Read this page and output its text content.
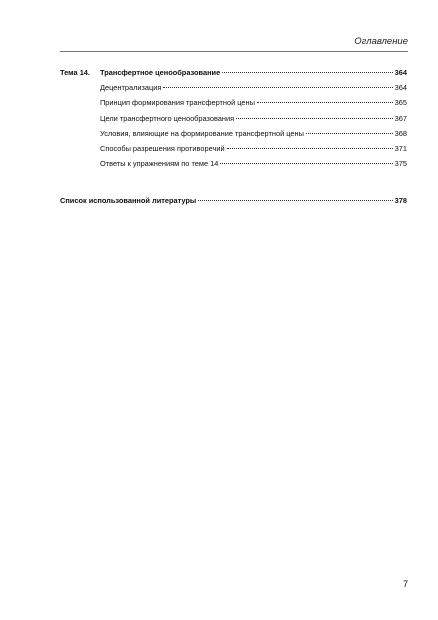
Оглавление
Тема 14.	Трансфертное ценообразование	364
Децентрализация	364
Принцип формирования трансфертной цены	365
Цели трансфертного ценообразования	367
Условия, влияющие на формирование трансфертной цены	368
Способы разрешения противоречий	371
Ответы к упражнениям по теме 14	375
Список использованной литературы	378
7
